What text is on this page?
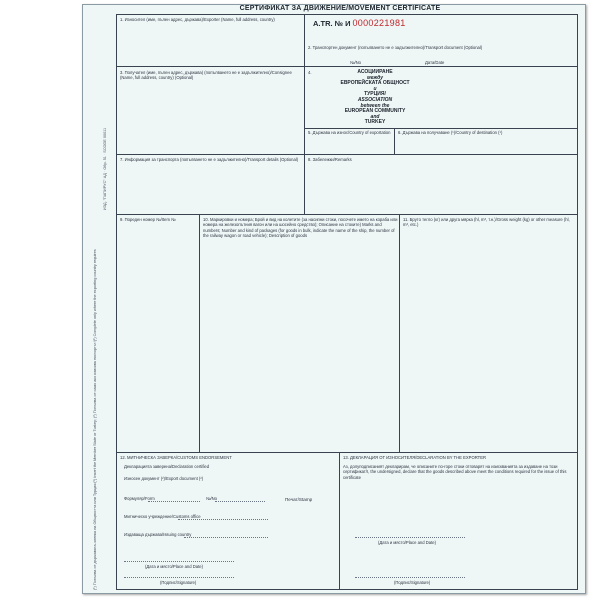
(¹) Попълва се държавата-членка на Общността или Турция/(¹) Insert the Member State or Turkey; (²) Попълва се само ако изисква експортът/(²) Complete only where the exporting country requires
ИЗД. "ПАПИРУС" АД · Обр. 51 · SCODE 00011
СЕРТИФИКАТ ЗА ДВИЖЕНИЕ/MOVEMENT CERTIFICATE
A.TR. № И 0000221981
1. Износител (име, пълен адрес, държава)/Exporter (Name, full address, country)
2. Транспортен документ (попълването не е задължително)/Transport document (Optional)
№/No	Дата/Date
3. Получател (име, пълен адрес, държава) (попълването не е задължително)/Consignee (Name, full address, country) (Optional)
4.
5. Държава на износ/Country of exportation	6. Държава на получаване (¹)/Country of destination (¹)
7. Информация за транспорта (попълването не е задължително)/Transport details (Optional)	8. Забележки/Remarks
9. Пореден номер №/Item №	10. Маркировки и номера; Брой и вид на колетите (за насипни стоки, посочете името на кораба или номера на железопътния вагон или на шосейно средство); Описание на стоките) Marks and numbers; Number and kind of packages (for goods in bulk, indicate the name of the ship, the number of the railway wagon or road vehicle); Description of goods
11. Бруто тегло (кг) или друга мярка (hl, m³, т.н.)/Gross weight (kg) or other measure (hl, m³, etc.)
12. МИТНИЧЕСКА ЗАВЕРКА/CUSTOMS ENDORSEMENT	13. ДЕКЛАРАЦИЯ ОТ ИЗНОСИТЕЛЯ/DECLARATION BY THE EXPORTER
АСОЦИИРАНЕ
между
ЕВРОПЕЙСКАТА ОБЩНОСТ
и
ТУРЦИЯ/
ASSOCIATION
between the
EUROPEAN COMMUNITY
and
TURKEY
Декларацията заверена/Declaration certified
Износен документ (²)/Export document (²)
Формуляр/Form	№/No	Печат/Stamp
Митническо учреждение/Customs office
Издаваща държава/Issuing country
(Дата и място/Place and Date)
(Подпис/Signature)
Аз, долуподписаният декларирам, че описаните по-горе стоки отговарят на изискванията за издаване на този сертификат/I, the undersigned, declare that the goods described above meet the conditions required for the issue of this certificate
(Дата и място/Place and Date)
(Подпис/Signature)
